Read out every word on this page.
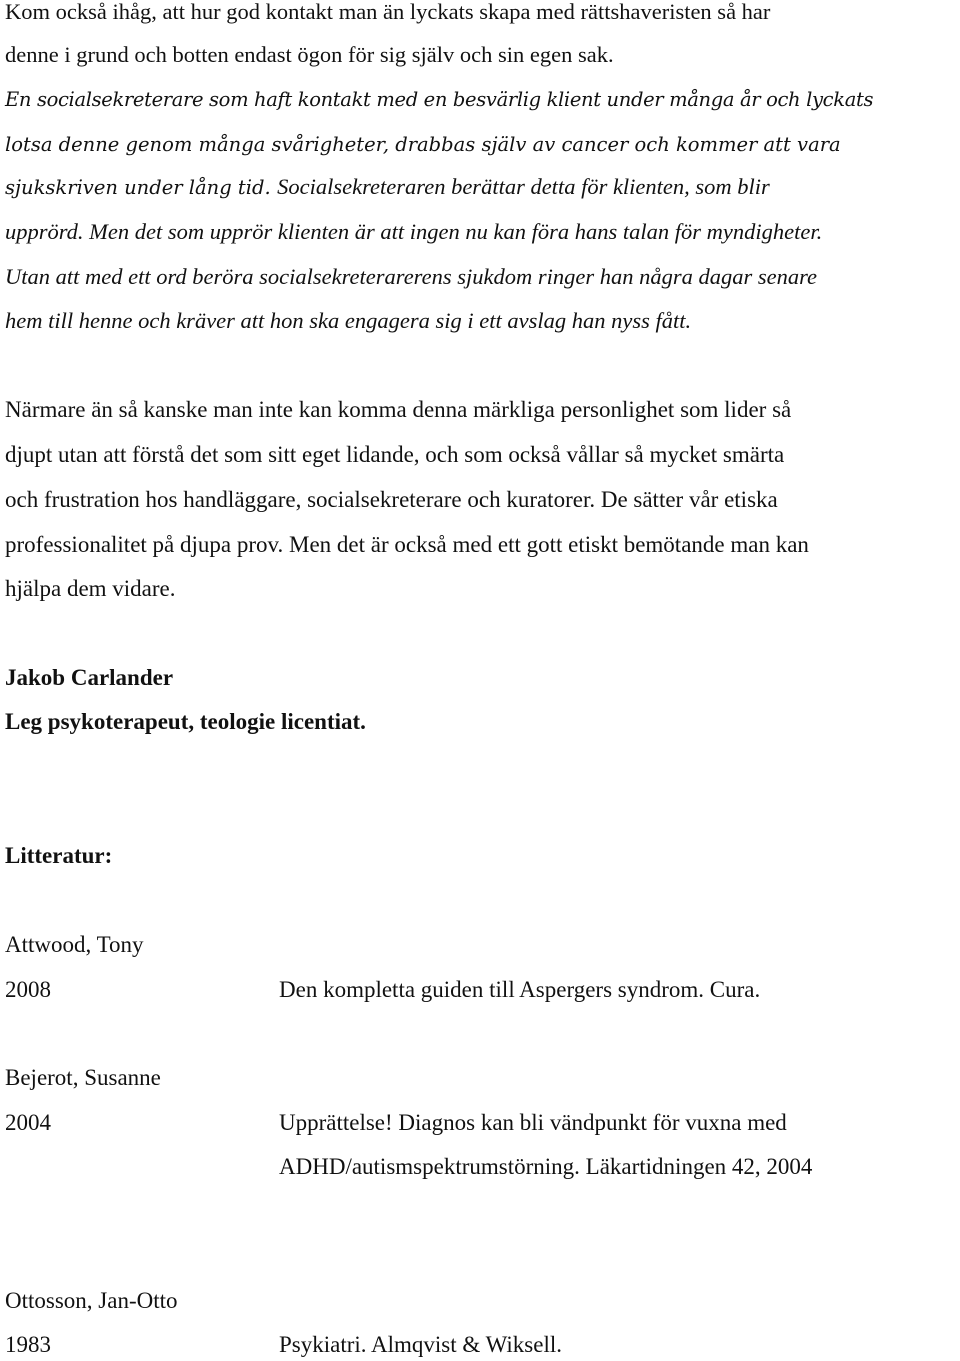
Kom också ihåg, att hur god kontakt man än lyckats skapa med rättshaveristen så har

denne i grund och botten endast ögon för sig själv och sin egen sak.

En socialsekreterare som haft kontakt med en besvärlig klient under många år och lyckats

lotsa denne genom många svårigheter, drabbas själv av cancer och kommer att vara

sjukskriven under lång tid. Socialsekreteraren berättar detta för klienten, som blir

upprörd. Men det som upprör klienten är att ingen nu kan föra hans talan för myndigheter.

Utan att med ett ord beröra socialsekreterarerens sjukdom ringer han några dagar senare

hem till henne och kräver att hon ska engagera sig i ett avslag han nyss fått.

Närmare än så kanske man inte kan komma denna märkliga personlighet som lider så

djupt utan att förstå det som sitt eget lidande, och som också vållar så mycket smärta

och frustration hos handläggare, socialsekreterare och kuratorer. De sätter vår etiska

professionalitet på djupa prov. Men det är också med ett gott etiskt bemötande man kan

hjälpa dem vidare.

Jakob Carlander

Leg psykoterapeut, teologie licentiat.

Litteratur:

Attwood, Tony

2008	Den kompletta guiden till Aspergers syndrom. Cura.

Bejerot, Susanne

2004	Upprättelse! Diagnos kan bli vändpunkt för vuxna med

ADHD/autismspektrumstörning. Läkartidningen 42, 2004

Ottosson, Jan-Otto

1983	Psykiatri. Almqvist & Wiksell.
